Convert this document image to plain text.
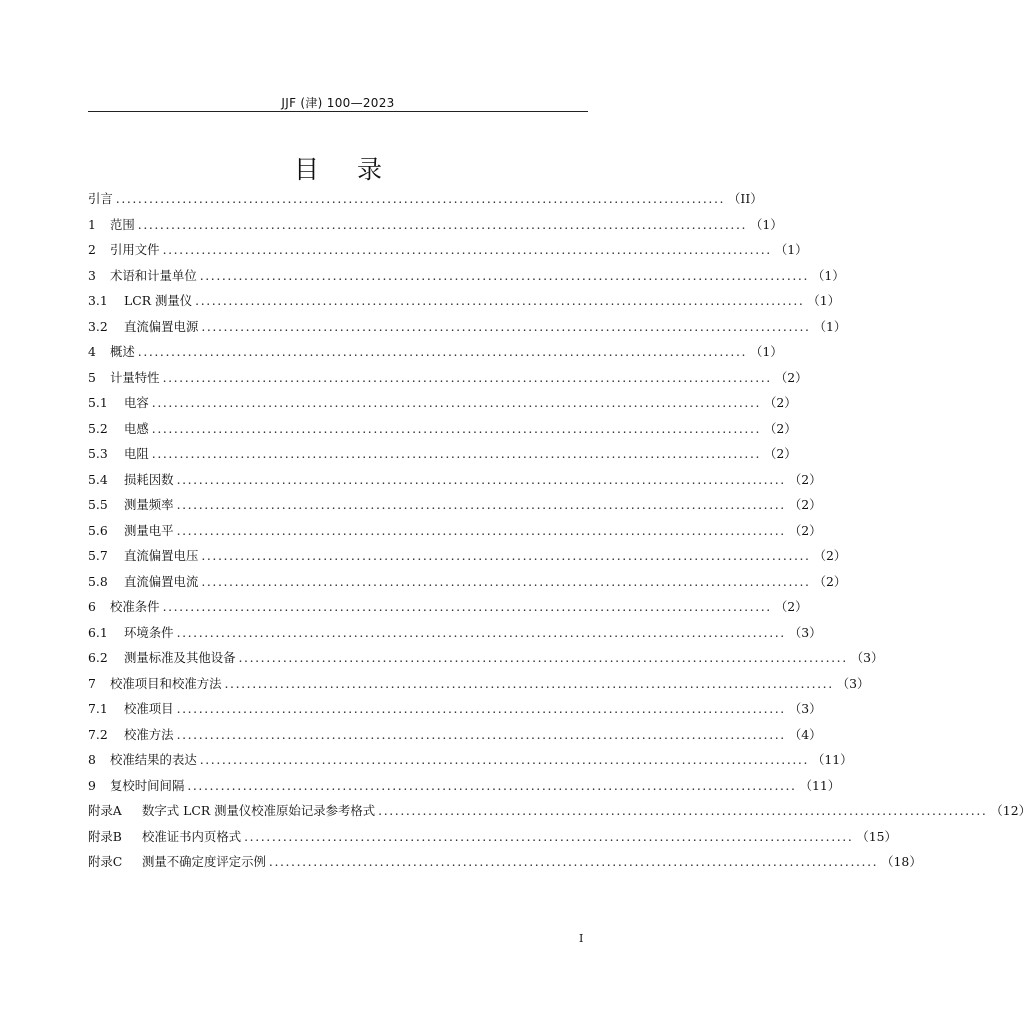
JJF (津) 100—2023
目录
引言 .............................................................................................................. （II）
1	范围 .............................................................................................................. （1）
2	引用文件 .............................................................................................................. （1）
3	术语和计量单位 .............................................................................................................. （1）
3.1	LCR 测量仪 .............................................................................................................. （1）
3.2	直流偏置电源 .............................................................................................................. （1）
4	概述 .............................................................................................................. （1）
5	计量特性 .............................................................................................................. （2）
5.1	电容 .............................................................................................................. （2）
5.2	电感 .............................................................................................................. （2）
5.3	电阻 .............................................................................................................. （2）
5.4	损耗因数 .............................................................................................................. （2）
5.5	测量频率 .............................................................................................................. （2）
5.6	测量电平 .............................................................................................................. （2）
5.7	直流偏置电压 .............................................................................................................. （2）
5.8	直流偏置电流 .............................................................................................................. （2）
6	校准条件 .............................................................................................................. （2）
6.1	环境条件 .............................................................................................................. （3）
6.2	测量标准及其他设备 .............................................................................................................. （3）
7	校准项目和校准方法 .............................................................................................................. （3）
7.1	校准项目 .............................................................................................................. （3）
7.2	校准方法 .............................................................................................................. （4）
8	校准结果的表达 .............................................................................................................. （11）
9	复校时间间隔 .............................................................................................................. （11）
附录A	数字式 LCR 测量仪校准原始记录参考格式 .............................................................................................................. （12）
附录B	校准证书内页格式 .............................................................................................................. （15）
附录C	测量不确定度评定示例 .............................................................................................................. （18）
I
